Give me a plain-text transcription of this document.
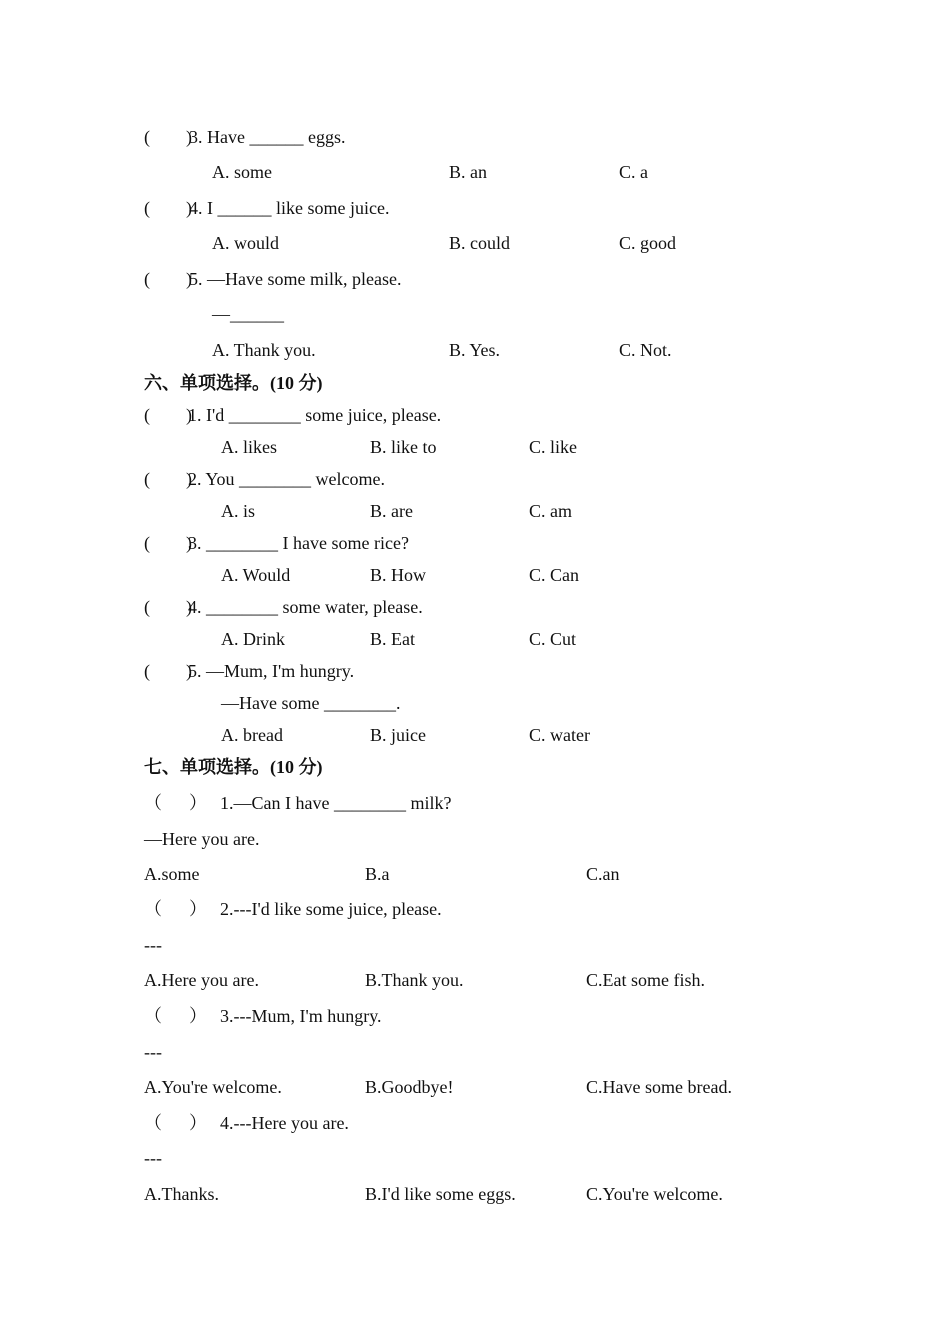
(        )
3. Have ______ eggs.
A. some	B. an	C. a
(        )
4. I ______ like some juice.
A. would	B. could	C. good
(        )
5. —Have some milk, please.
—______
A. Thank you.	B. Yes.	C. Not.
六、单项选择。(10 分)
(        )
1. I'd ________ some juice, please.
A. likes	B. like to	C. like
(        )
2. You ________ welcome.
A. is	B. are	C. am
(        )
3. ________ I have some rice?
A. Would	B. How	C. Can
(        )
4. ________ some water, please.
A. Drink	B. Eat	C. Cut
(        )
5. —Mum, I'm hungry.
—Have some ________.
A. bread	B. juice	C. water
七、单项选择。(10 分)
（      ） 1.—Can I have ________ milk?
—Here you are.
A.some	B.a	C.an
（      ） 2.---I'd like some juice, please.
---
A.Here you are.	B.Thank you.	C.Eat some fish.
（      ） 3.---Mum, I'm hungry.
---
A.You're welcome.	B.Goodbye!	C.Have some bread.
（      ） 4.---Here you are.
---
A.Thanks.	B.I'd like some eggs.	C.You're welcome.
